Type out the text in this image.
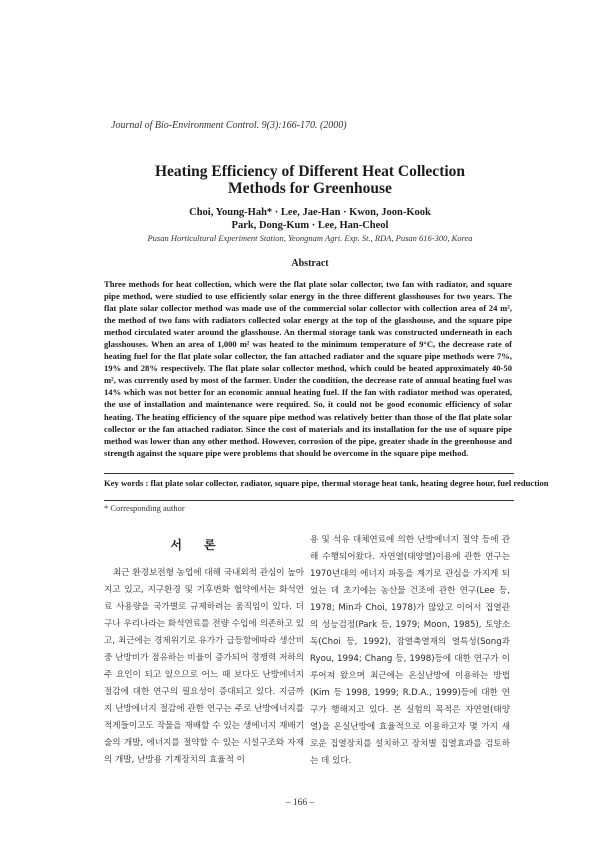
Journal of Bio-Environment Control. 9(3):166-170. (2000)
Heating Efficiency of Different Heat Collection
Methods for Greenhouse
Choi, Young-Hah* · Lee, Jae-Han · Kwon, Joon-Kook
Park, Dong-Kum · Lee, Han-Cheol
Pusan Horticultural Experiment Station, Yeongnam Agri. Exp. St., RDA, Pusan 616-300, Korea
Abstract

Three methods for heat collection, which were the flat plate solar collector, two fan with radiator, and square pipe method, were studied to use efficiently solar energy in the three different glasshouses for two years. The flat plate solar collector method was made use of the commercial solar collector with collection area of 24 m², the method of two fans with radiators collected solar energy at the top of the glasshouse, and the square pipe method circulated water around the glasshouse. An thermal storage tank was constructed underneath in each glasshouses. When an area of 1,000 m² was heated to the minimum temperature of 9°C, the decrease rate of heating fuel for the flat plate solar collector, the fan attached radiator and the square pipe methods were 7%, 19% and 28% respectively. The flat plate solar collector method, which could be heated approximately 40-50 m², was currently used by most of the farmer. Under the condition, the decrease rate of annual heating fuel was 14% which was not better for an economic annual heating fuel. If the fan with radiator method was operated, the use of installation and maintenance were required. So, it could not be good economic efficiency of solar heating. The heating efficiency of the square pipe method was relatively better than those of the flat plate solar collector or the fan attached radiator. Since the cost of materials and its installation for the use of square pipe method was lower than any other method. However, corrosion of the pipe, greater shade in the greenhouse and strength against the square pipe were problems that should be overcome in the square pipe method.

Key words : flat plate solar collector, radiator, square pipe, thermal storage heat tank, heating degree hour, fuel reduction

* Corresponding author
서론

최근 환경보전형 농업에 대해 국내외적 관심이 높아지고 있고, 지구환경 및 기후변화 협약에서는 화석연료 사용량을 국가별로 규제하려는 움직임이 있다. 더구나 우리나라는 화석연료를 전량 수입에 의존하고 있고, 최근에는 경제위기로 유가가 급등함에따라 생산비중 난방비가 점유하는 비율이 증가되어 경쟁력 저하의 주 요인이 되고 있으므로 어느 때 보다도 난방에너지 절감에 대한 연구의 필요성이 증대되고 있다. 지금까지 난방에너지 절감에 관한 연구는 주로 난방에너지를 적게들이고도 작물을 재배할 수 있는 생에너지 재배기술의 개발, 에너지를 절약할 수 있는 시설구조와 자재의 개발, 난방용 기계장치의 효율적 이

용 및 석유 대체연료에 의한 난방에너지 절약 등에 관해 수행되어왔다. 자연열(태양열)이용에 관한 연구는 1970년대의 에너지 파동을 계기로 관심을 가지게 되었는 데 초기에는 농산물 건조에 관한 연구(Lee 등, 1978; Min과 Choi, 1978)가 많았고 이어서 집열관의 성능검정(Park 등, 1979; Moon, 1985), 토양소독(Choi 등, 1992), 잠열축열재의 열특성(Song과 Ryou, 1994; Chang 등, 1998)등에 대한 연구가 이루어져 왔으며 최근에는 온실난방에 이용하는 방법(Kim 등 1998, 1999; R.D.A., 1999)등에 대한 연구가 행해지고 있다. 본 실험의 목적은 자연열(태양열)을 온실난방에 효율적으로 이용하고자 몇 가지 새로운 집열장치를 설치하고 장치별 집열효과를 검토하는 데 있다.

– 166 –
